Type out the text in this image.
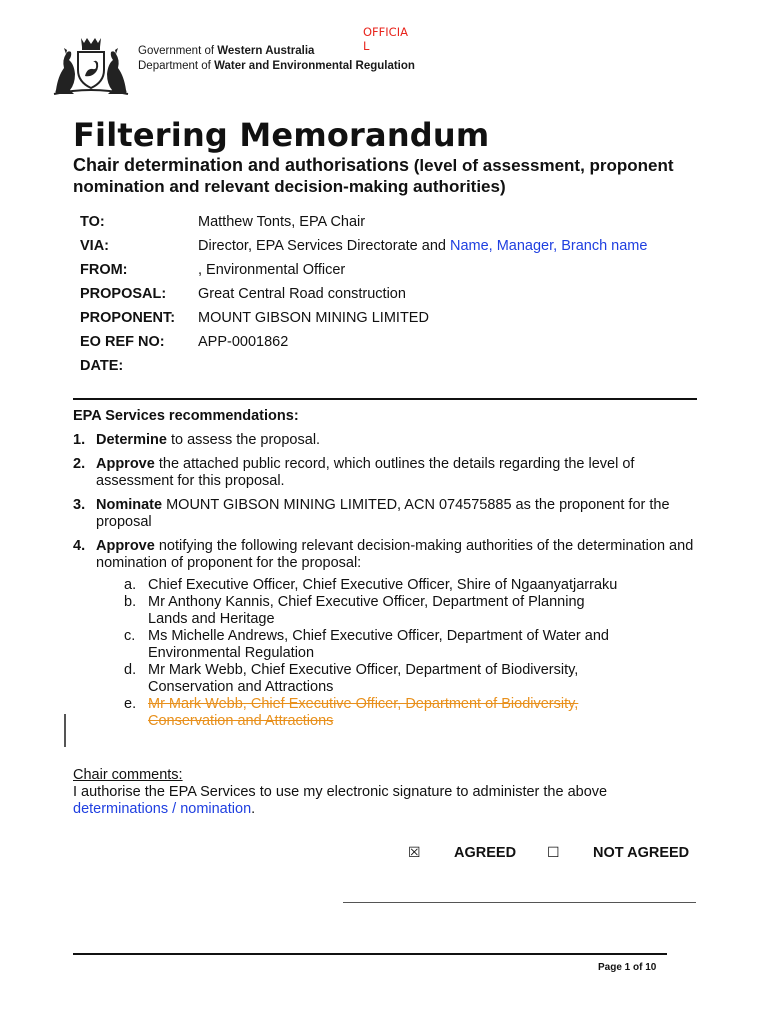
OFFICIAL
Government of Western Australia
Department of Water and Environmental Regulation
Filtering Memorandum
Chair determination and authorisations (level of assessment, proponent nomination and relevant decision-making authorities)
TO:	Matthew Tonts, EPA Chair
VIA:	Director, EPA Services Directorate and Name, Manager, Branch name
FROM:	, Environmental Officer
PROPOSAL:	Great Central Road construction
PROPONENT:	MOUNT GIBSON MINING LIMITED
EO REF NO:	APP-0001862
DATE:
EPA Services recommendations:
1. Determine to assess the proposal.
2. Approve the attached public record, which outlines the details regarding the level of assessment for this proposal.
3. Nominate MOUNT GIBSON MINING LIMITED, ACN 074575885 as the proponent for the proposal
4. Approve notifying the following relevant decision-making authorities of the determination and nomination of proponent for the proposal:
a. Chief Executive Officer, Chief Executive Officer, Shire of Ngaanyatjarraku
b. Mr Anthony Kannis, Chief Executive Officer, Department of Planning Lands and Heritage
c. Ms Michelle Andrews, Chief Executive Officer, Department of Water and Environmental Regulation
d. Mr Mark Webb, Chief Executive Officer, Department of Biodiversity, Conservation and Attractions
e. Mr Mark Webb, Chief Executive Officer, Department of Biodiversity, Conservation and Attractions
Chair comments:
I authorise the EPA Services to use my electronic signature to administer the above determinations / nomination.
☒ AGREED ☐ NOT AGREED
Page 1 of 10
